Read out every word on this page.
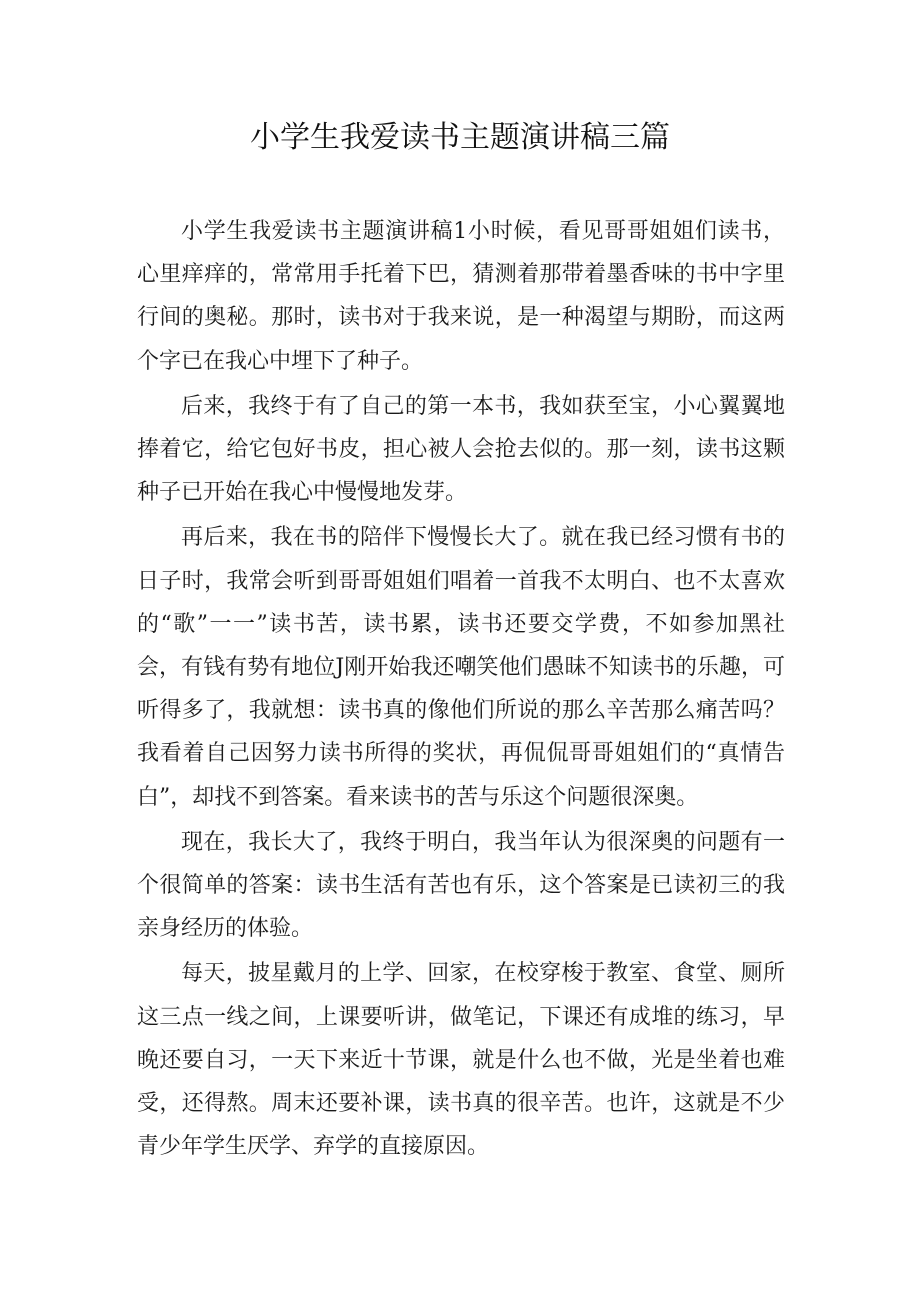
小学生我爱读书主题演讲稿三篇

小学生我爱读书主题演讲稿1小时候，看见哥哥姐姐们读书，心里痒痒的，常常用手托着下巴，猜测着那带着墨香味的书中字里行间的奥秘。那时，读书对于我来说，是一种渴望与期盼，而这两个字已在我心中埋下了种子。

后来，我终于有了自己的第一本书，我如获至宝，小心翼翼地捧着它，给它包好书皮，担心被人会抢去似的。那一刻，读书这颗种子已开始在我心中慢慢地发芽。

再后来，我在书的陪伴下慢慢长大了。就在我已经习惯有书的日子时，我常会听到哥哥姐姐们唱着一首我不太明白、也不太喜欢的“歌”一一”读书苦，读书累，读书还要交学费，不如参加黑社会，有钱有势有地位J刚开始我还嘲笑他们愚昧不知读书的乐趣，可听得多了，我就想：读书真的像他们所说的那么辛苦那么痛苦吗？我看着自己因努力读书所得的奖状，再侃侃哥哥姐姐们的“真情告白”，却找不到答案。看来读书的苦与乐这个问题很深奥。

现在，我长大了，我终于明白，我当年认为很深奥的问题有一个很简单的答案：读书生活有苦也有乐，这个答案是已读初三的我亲身经历的体验。

每天，披星戴月的上学、回家，在校穿梭于教室、食堂、厕所这三点一线之间，上课要听讲，做笔记，下课还有成堆的练习，早晚还要自习，一天下来近十节课，就是什么也不做，光是坐着也难受，还得熬。周末还要补课，读书真的很辛苦。也许，这就是不少青少年学生厌学、弃学的直接原因。
